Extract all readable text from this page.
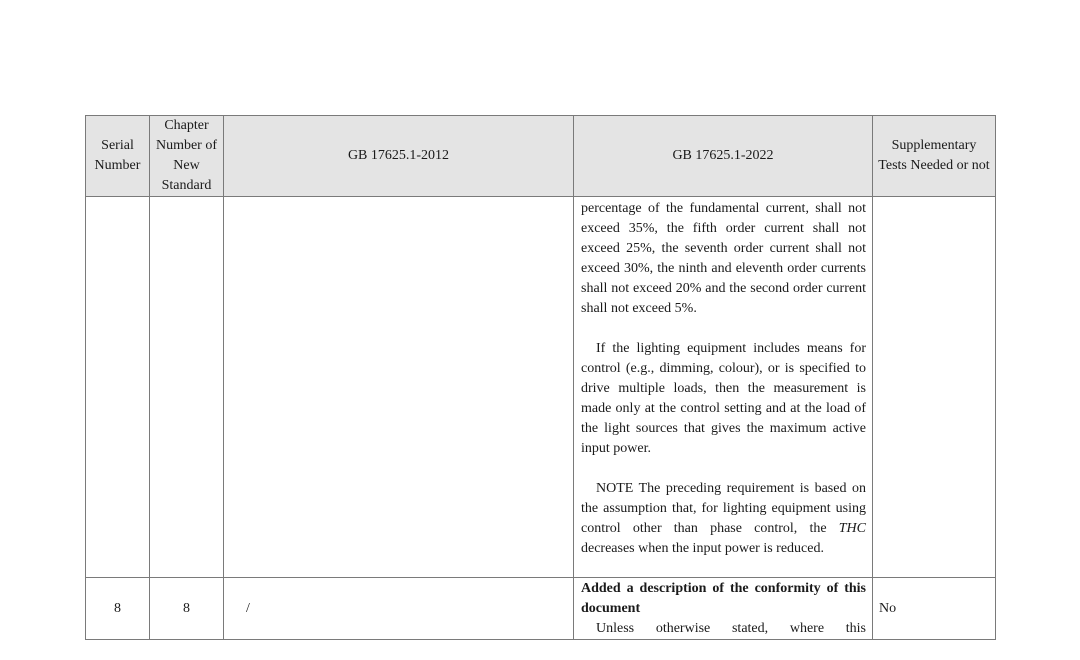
Serial Number	Chapter Number of New Standard	GB 17625.1-2012	GB 17625.1-2022	Supplementary Tests Needed or not

			percentage of the fundamental current, shall not exceed 35%, the fifth order current shall not exceed 25%, the seventh order current shall not exceed 30%, the ninth and eleventh order currents shall not exceed 20% and the second order current shall not exceed 5%.

If the lighting equipment includes means for control (e.g., dimming, colour), or is specified to drive multiple loads, then the measurement is made only at the control setting and at the load of the light sources that gives the maximum active input power.

NOTE The preceding requirement is based on the assumption that, for lighting equipment using control other than phase control, the THC decreases when the input power is reduced.	

8	8	/	Added a description of the conformity of this document
Unless otherwise stated, where this	No
